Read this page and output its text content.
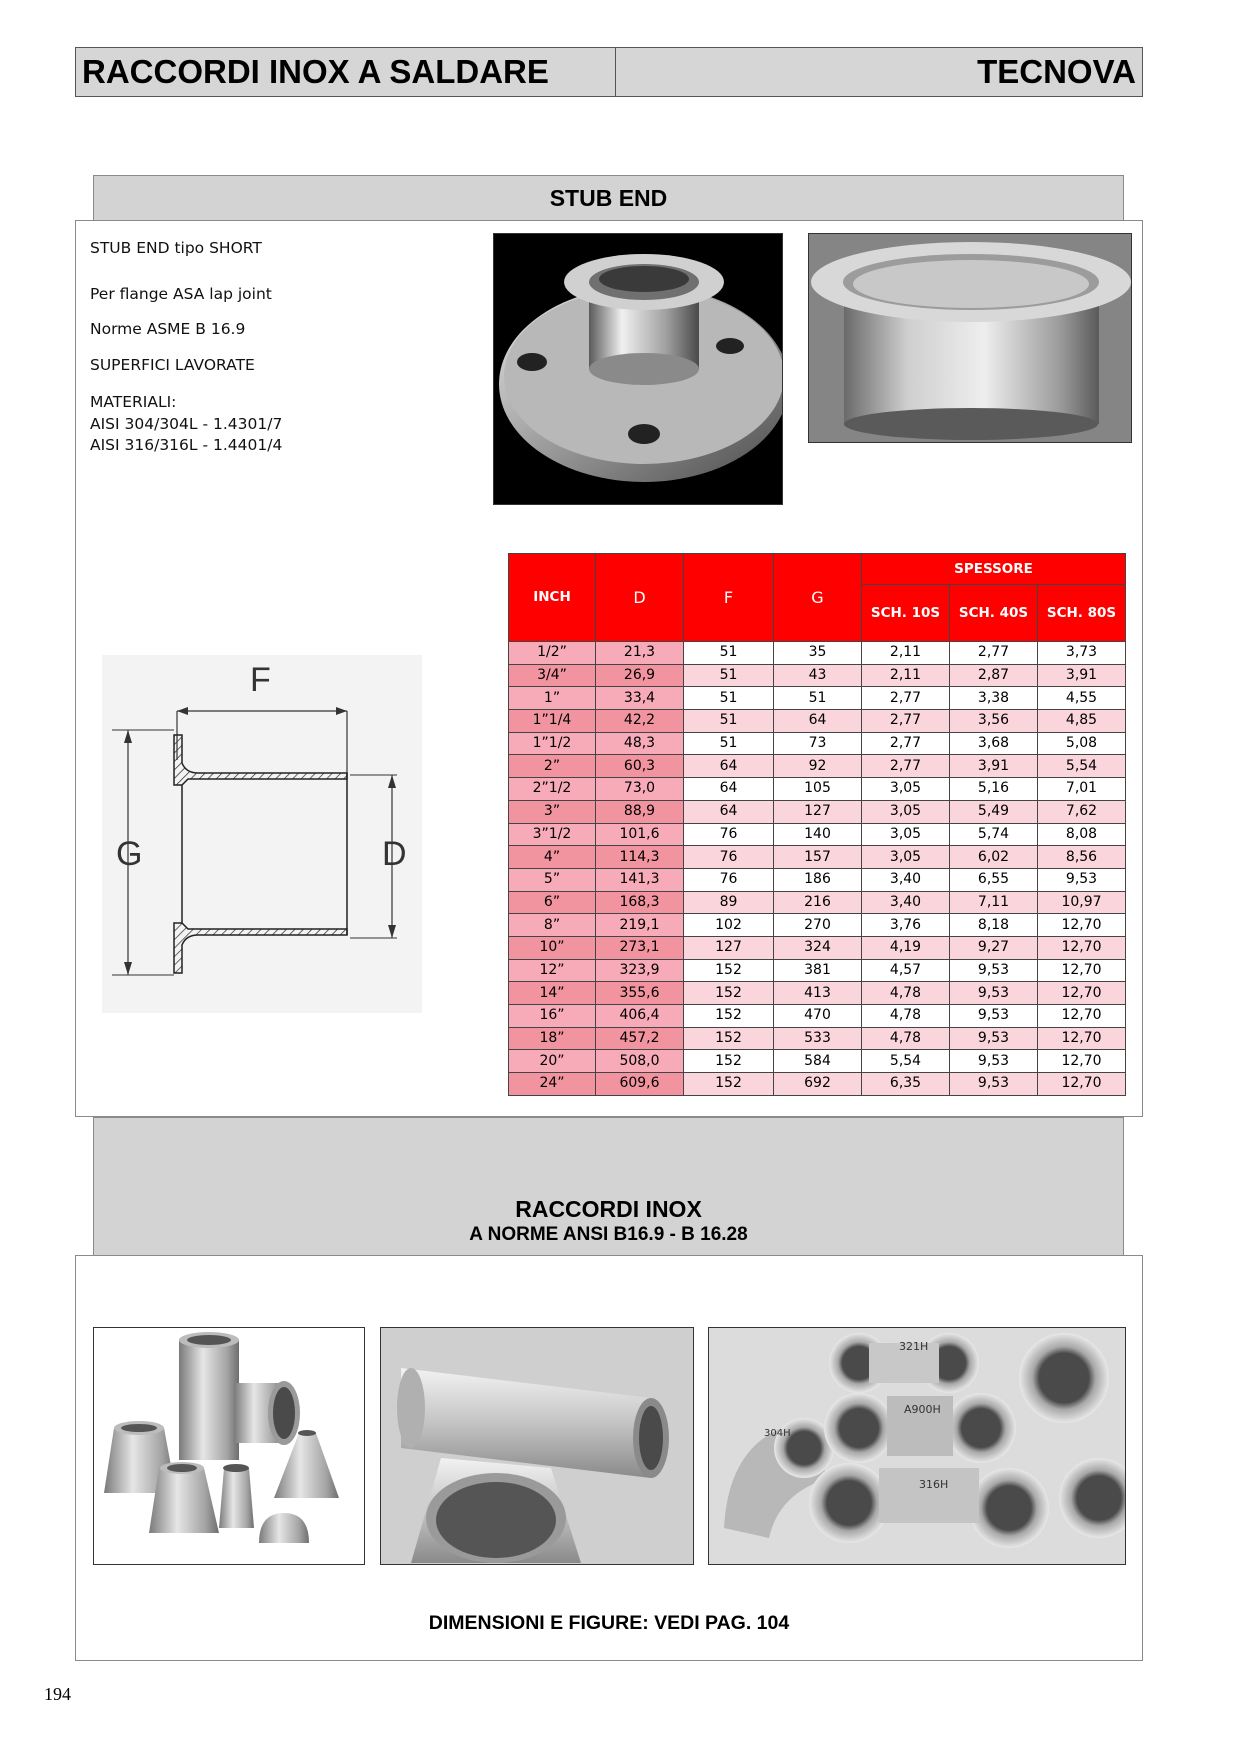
RACCORDI INOX A SALDARE	TECNOVA
STUB END
STUB END tipo SHORT
Per flange ASA lap joint
Norme ASME B 16.9
SUPERFICI LAVORATE
MATERIALI:
AISI 304/304L - 1.4301/7
AISI 316/316L - 1.4401/4
F
G	D
INCH	D	F	G	SPESSORE		
				SCH. 10S	SCH. 40S	SCH. 80S
1/2”	21,3	51	35	2,11	2,77	3,73
3/4”	26,9	51	43	2,11	2,87	3,91
1”	33,4	51	51	2,77	3,38	4,55
1”1/4	42,2	51	64	2,77	3,56	4,85
1”1/2	48,3	51	73	2,77	3,68	5,08
2”	60,3	64	92	2,77	3,91	5,54
2”1/2	73,0	64	105	3,05	5,16	7,01
3”	88,9	64	127	3,05	5,49	7,62
3”1/2	101,6	76	140	3,05	5,74	8,08
4”	114,3	76	157	3,05	6,02	8,56
5”	141,3	76	186	3,40	6,55	9,53
6”	168,3	89	216	3,40	7,11	10,97
8”	219,1	102	270	3,76	8,18	12,70
10”	273,1	127	324	4,19	9,27	12,70
12”	323,9	152	381	4,57	9,53	12,70
14”	355,6	152	413	4,78	9,53	12,70
16”	406,4	152	470	4,78	9,53	12,70
18”	457,2	152	533	4,78	9,53	12,70
20”	508,0	152	584	5,54	9,53	12,70
24”	609,6	152	692	6,35	9,53	12,70
RACCORDI INOX
A NORME ANSI B16.9 - B 16.28
321H
A900H
316H
304H
DIMENSIONI E FIGURE: VEDI PAG. 104
194
